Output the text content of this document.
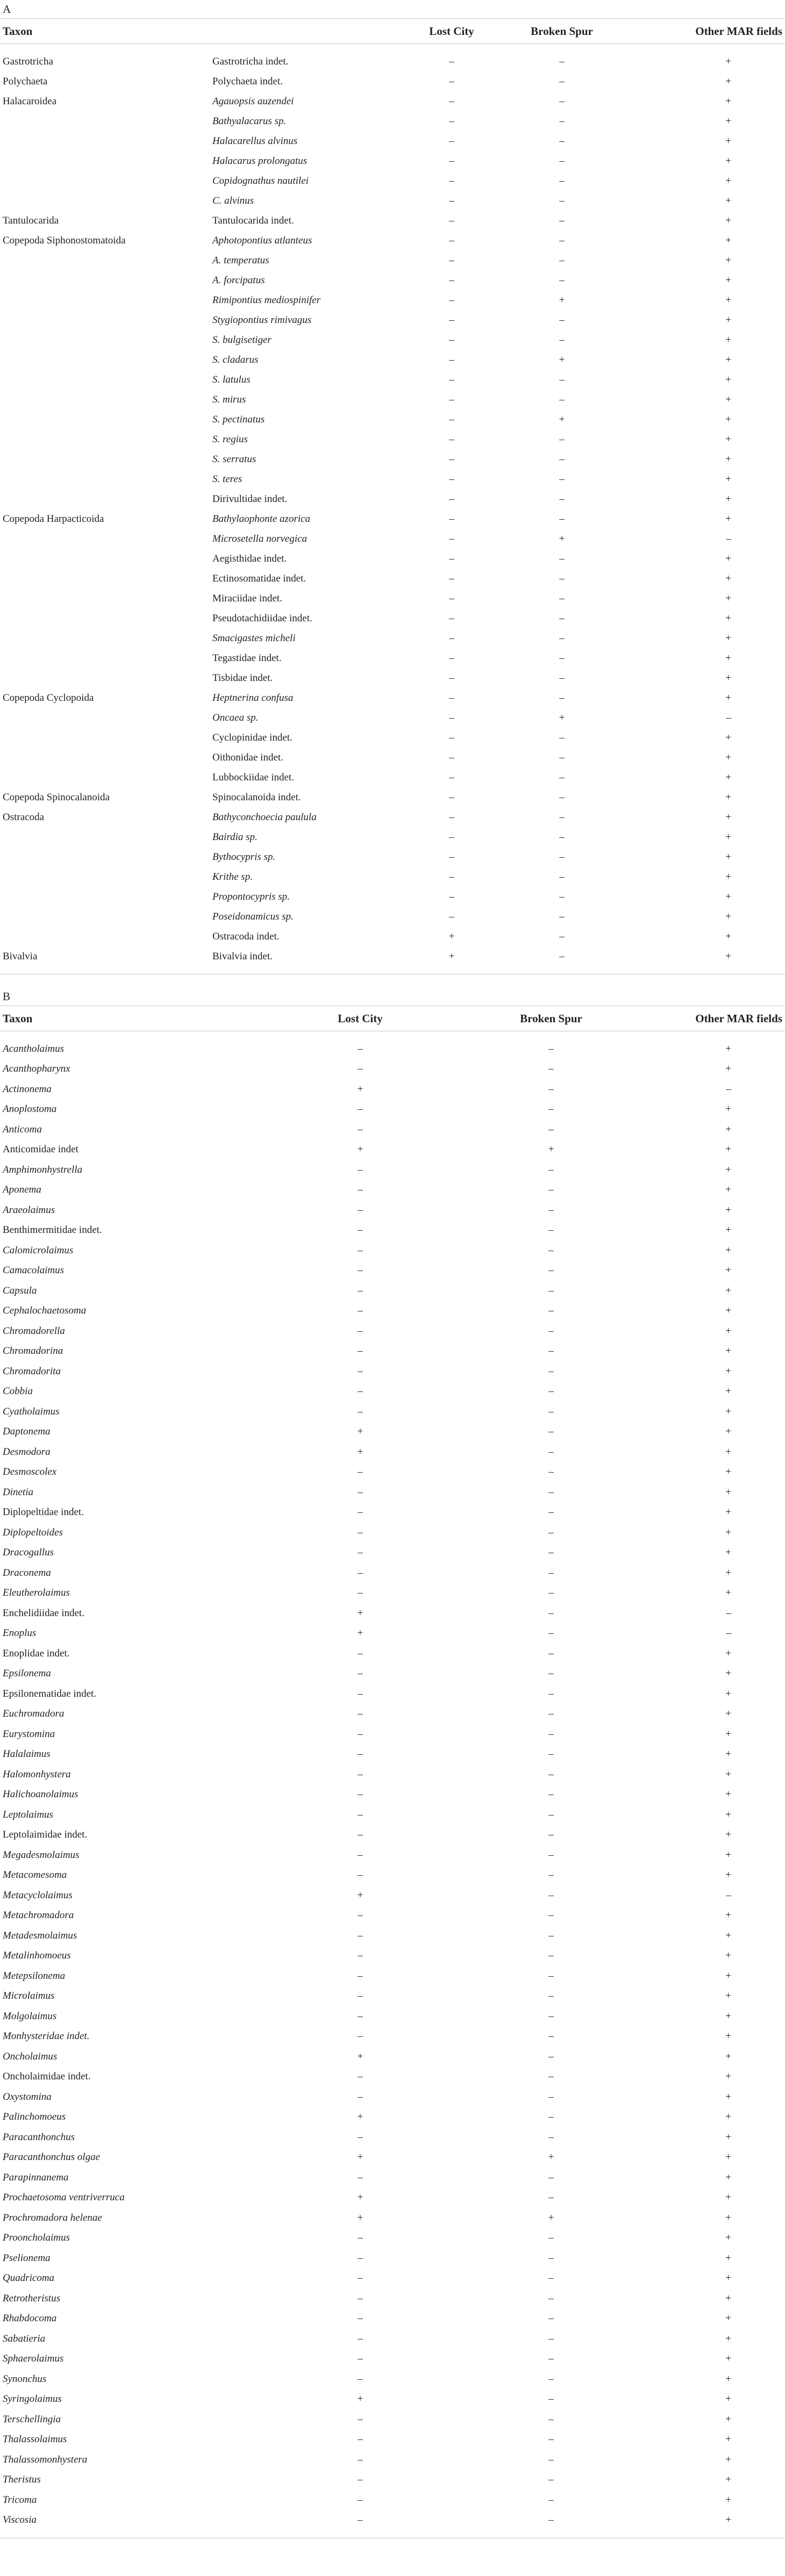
A
Taxon		Lost City	Broken Spur	Other MAR fields

Gastrotricha	Gastrotricha indet.	–	–	+
Polychaeta	Polychaeta indet.	–	–	+
Halacaroidea	Agauopsis auzendei	–	–	+
	Bathyalacarus sp.	–	–	+
	Halacarellus alvinus	–	–	+
	Halacarus prolongatus	–	–	+
	Copidognathus nautilei	–	–	+
	C. alvinus	–	–	+
Tantulocarida	Tantulocarida indet.	–	–	+
Copepoda Siphonostomatoida	Aphotopontius atlanteus	–	–	+
	A. temperatus	–	–	+
	A. forcipatus	–	–	+
	Rimipontius mediospinifer	–	+	+
	Stygiopontius rimivagus	–	–	+
	S. bulgisetiger	–	–	+
	S. cladarus	–	+	+
	S. latulus	–	–	+
	S. mirus	–	–	+
	S. pectinatus	–	+	+
	S. regius	–	–	+
	S. serratus	–	–	+
	S. teres	–	–	+
	Dirivultidae indet.	–	–	+
Copepoda Harpacticoida	Bathylaophonte azorica	–	–	+
	Microsetella norvegica	–	+	–
	Aegisthidae indet.	–	–	+
	Ectinosomatidae indet.	–	–	+
	Miraciidae indet.	–	–	+
	Pseudotachidiidae indet.	–	–	+
	Smacigastes micheli	–	–	+
	Tegastidae indet.	–	–	+
	Tisbidae indet.	–	–	+
Copepoda Cyclopoida	Heptnerina confusa	–	–	+
	Oncaea sp.	–	+	–
	Cyclopinidae indet.	–	–	+
	Oithonidae indet.	–	–	+
	Lubbockiidae indet.	–	–	+
Copepoda Spinocalanoida	Spinocalanoida indet.	–	–	+
Ostracoda	Bathyconchoecia paulula	–	–	+
	Bairdia sp.	–	–	+
	Bythocypris sp.	–	–	+
	Krithe sp.	–	–	+
	Propontocypris sp.	–	–	+
	Poseidonamicus sp.	–	–	+
	Ostracoda indet.	+	–	+
Bivalvia	Bivalvia indet.	+	–	+

B
Taxon	Lost City	Broken Spur	Other MAR fields

Acantholaimus	–	–	+
Acanthopharynx	–	–	+
Actinonema	+	–	–
Anoplostoma	–	–	+
Anticoma	–	–	+
Anticomidae indet	+	+	+
Amphimonhystrella	–	–	+
Aponema	–	–	+
Araeolaimus	–	–	+
Benthimermitidae indet.	–	–	+
Calomicrolaimus	–	–	+
Camacolaimus	–	–	+
Capsula	–	–	+
Cephalochaetosoma	–	–	+
Chromadorella	–	–	+
Chromadorina	–	–	+
Chromadorita	–	–	+
Cobbia	–	–	+
Cyatholaimus	–	–	+
Daptonema	+	–	+
Desmodora	+	–	+
Desmoscolex	–	–	+
Dinetia	–	–	+
Diplopeltidae indet.	–	–	+
Diplopeltoides	–	–	+
Dracogallus	–	–	+
Draconema	–	–	+
Eleutherolaimus	–	–	+
Enchelidiidae indet.	+	–	–
Enoplus	+	–	–
Enoplidae indet.	–	–	+
Epsilonema	–	–	+
Epsilonematidae indet.	–	–	+
Euchromadora	–	–	+
Eurystomina	–	–	+
Halalaimus	–	–	+
Halomonhystera	–	–	+
Halichoanolaimus	–	–	+
Leptolaimus	–	–	+
Leptolaimidae indet.	–	–	+
Megadesmolaimus	–	–	+
Metacomesoma	–	–	+
Metacyclolaimus	+	–	–
Metachromadora	–	–	+
Metadesmolaimus	–	–	+
Metalinhomoeus	–	–	+
Metepsilonema	–	–	+
Microlaimus	–	–	+
Molgolaimus	–	–	+
Monhysteridae indet.	–	–	+
Oncholaimus	+	–	+
Oncholaimidae indet.	–	–	+
Oxystomina	–	–	+
Palinchomoeus	+	–	+
Paracanthonchus	–	–	+
Paracanthonchus olgae	+	+	+
Parapinnanema	–	–	+
Prochaetosoma ventriverruca	+	–	+
Prochromadora helenae	+	+	+
Prooncholaimus	–	–	+
Pselionema	–	–	+
Quadricoma	–	–	+
Retrotheristus	–	–	+
Rhabdocoma	–	–	+
Sabatieria	–	–	+
Sphaerolaimus	–	–	+
Synonchus	–	–	+
Syringolaimus	+	–	+
Terschellingia	–	–	+
Thalassolaimus	–	–	+
Thalassomonhystera	–	–	+
Theristus	–	–	+
Tricoma	–	–	+
Viscosia	–	–	+
